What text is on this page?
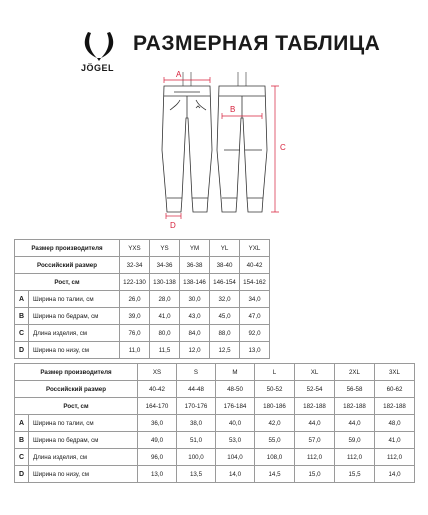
JÖGEL
РАЗМЕРНАЯ ТАБЛИЦА
A
B
C
D
Размер производителя		YXS	YS	YM	YL	YXL
Российский размер		32-34	34-36	36-38	38-40	40-42
Рост, см		122-130	130-138	138-146	146-154	154-162
A	Ширина по талии, см	26,0	28,0	30,0	32,0	34,0
B	Ширина по бедрам, см	39,0	41,0	43,0	45,0	47,0
C	Длина изделия, см	76,0	80,0	84,0	88,0	92,0
D	Ширина по низу, см	11,0	11,5	12,0	12,5	13,0
Размер производителя		XS	S	M	L	XL	2XL	3XL
Российский размер		40-42	44-48	48-50	50-52	52-54	56-58	60-62
Рост, см		164-170	170-176	176-184	180-186	182-188	182-188	182-188
A	Ширина по талии, см	36,0	38,0	40,0	42,0	44,0	44,0	48,0
B	Ширина по бедрам, см	49,0	51,0	53,0	55,0	57,0	59,0	41,0
C	Длина изделия, см	96,0	100,0	104,0	108,0	112,0	112,0	112,0
D	Ширина по низу, см	13,0	13,5	14,0	14,5	15,0	15,5	14,0
